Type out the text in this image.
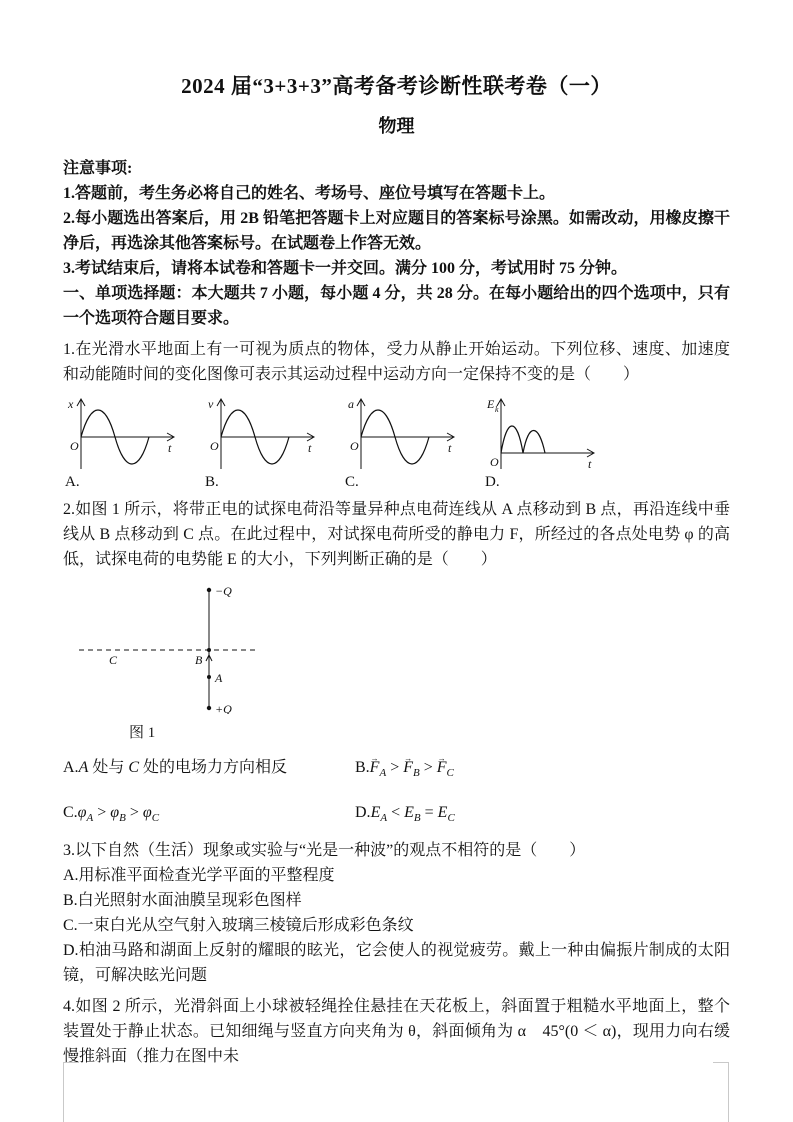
2024 届“3+3+3”高考备考诊断性联考卷（一）
物理

注意事项:

1.答题前，考生务必将自己的姓名、考场号、座位号填写在答题卡上。

2.每小题选出答案后，用 2B 铅笔把答题卡上对应题目的答案标号涂黑。如需改动，用橡皮擦干净后，再选涂其他答案标号。在试题卷上作答无效。

3.考试结束后，请将本试卷和答题卡一并交回。满分 100 分，考试用时 75 分钟。

一、单项选择题：本大题共 7 小题，每小题 4 分，共 28 分。在每小题给出的四个选项中，只有一个选项符合题目要求。

1.在光滑水平地面上有一可视为质点的物体，受力从静止开始运动。下列位移、速度、加速度和动能随时间的变化图像可表示其运动过程中运动方向一定保持不变的是（　　）

x
O	t
A.
v
O	t
B.
a
O	t
C.
E k
O	t
D.

2.如图 1 所示，将带正电的试探电荷沿等量异种点电荷连线从 A 点移动到 B 点，再沿连线中垂线从 B 点移动到 C 点。在此过程中，对试探电荷所受的静电力 F，所经过的各点处电势 φ 的高低，试探电荷的电势能 E 的大小，下列判断正确的是（　　）

−Q
+Q
C	B
A
图 1
A.A 处与 C 处的电场力方向相反	$B.F \to_A > F \to_B > F \to_C$
$C.\varphi_A > \varphi_B > \varphi_C$	$D.E_A < E_B = E_C$

3.以下自然（生活）现象或实验与“光是一种波”的观点不相符的是（　　）

A.用标准平面检查光学平面的平整程度

B.白光照射水面油膜呈现彩色图样

C.一束白光从空气射入玻璃三棱镜后形成彩色条纹

D.柏油马路和湖面上反射的耀眼的眩光，它会使人的视觉疲劳。戴上一种由偏振片制成的太阳镜，可解决眩光问题

4.如图 2 所示，光滑斜面上小球被轻绳拴住悬挂在天花板上，斜面置于粗糙水平地面上，整个装置处于静止状态。已知细绳与竖直方向夹角为 θ，斜面倾角为 α　45°(0 ＜ α)，现用力向右缓慢推斜面（推力在图中未
